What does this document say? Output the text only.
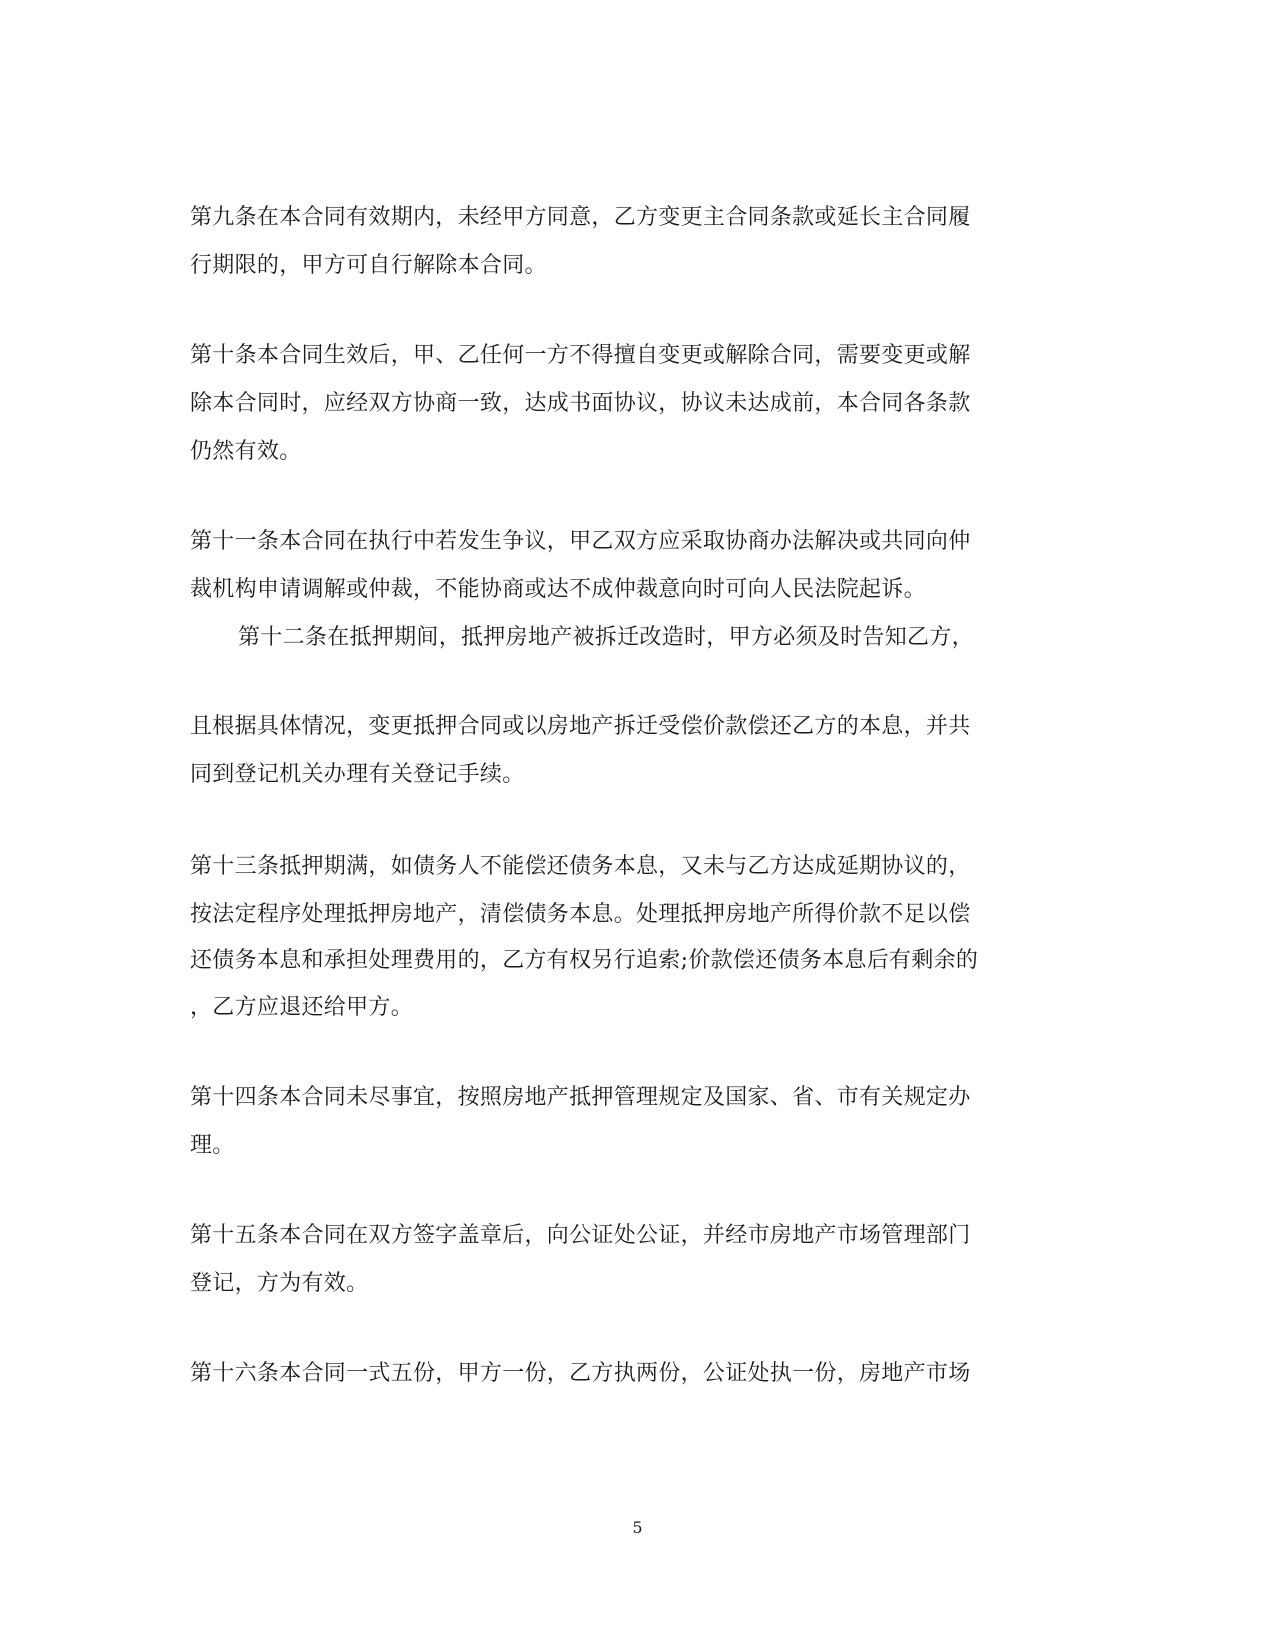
第九条在本合同有效期内，未经甲方同意，乙方变更主合同条款或延长主合同履
行期限的，甲方可自行解除本合同。
第十条本合同生效后，甲、乙任何一方不得擅自变更或解除合同，需要变更或解
除本合同时，应经双方协商一致，达成书面协议，协议未达成前，本合同各条款
仍然有效。
第十一条本合同在执行中若发生争议，甲乙双方应采取协商办法解决或共同向仲
裁机构申请调解或仲裁，不能协商或达不成仲裁意向时可向人民法院起诉。
第十二条在抵押期间，抵押房地产被拆迁改造时，甲方必须及时告知乙方，
且根据具体情况，变更抵押合同或以房地产拆迁受偿价款偿还乙方的本息，并共
同到登记机关办理有关登记手续。
第十三条抵押期满，如债务人不能偿还债务本息，又未与乙方达成延期协议的，
按法定程序处理抵押房地产，清偿债务本息。处理抵押房地产所得价款不足以偿
还债务本息和承担处理费用的，乙方有权另行追索;价款偿还债务本息后有剩余的
，乙方应退还给甲方。
第十四条本合同未尽事宜，按照房地产抵押管理规定及国家、省、市有关规定办
理。
第十五条本合同在双方签字盖章后，向公证处公证，并经市房地产市场管理部门
登记，方为有效。
第十六条本合同一式五份，甲方一份，乙方执两份，公证处执一份，房地产市场
5
